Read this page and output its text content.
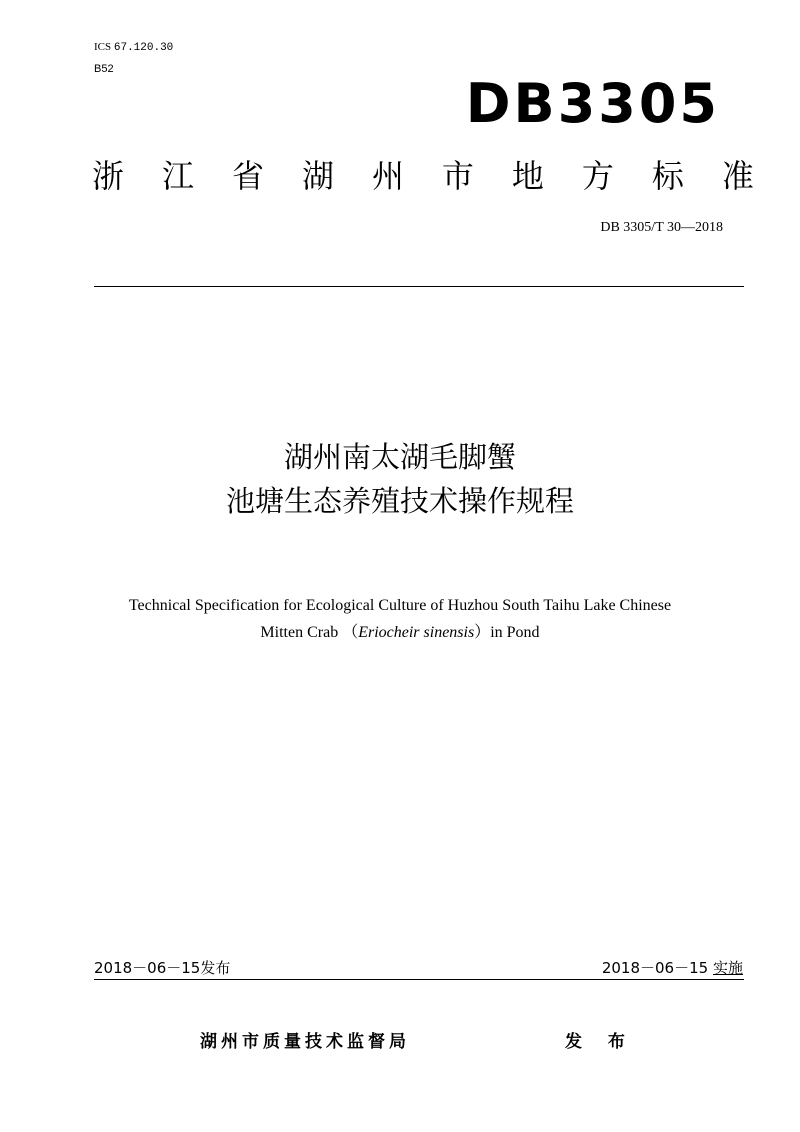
ICS 67.120.30
B52
DB3305
浙 江 省 湖 州 市 地 方 标 准
DB 3305/T 30—2018
湖州南太湖毛脚蟹
池塘生态养殖技术操作规程
Technical Specification for Ecological Culture of Huzhou South Taihu Lake Chinese
Mitten Crab （Eriocheir sinensis）in Pond
2018－06－15发布	2018－06－15 实施
湖州市质量技术监督局	发 布
